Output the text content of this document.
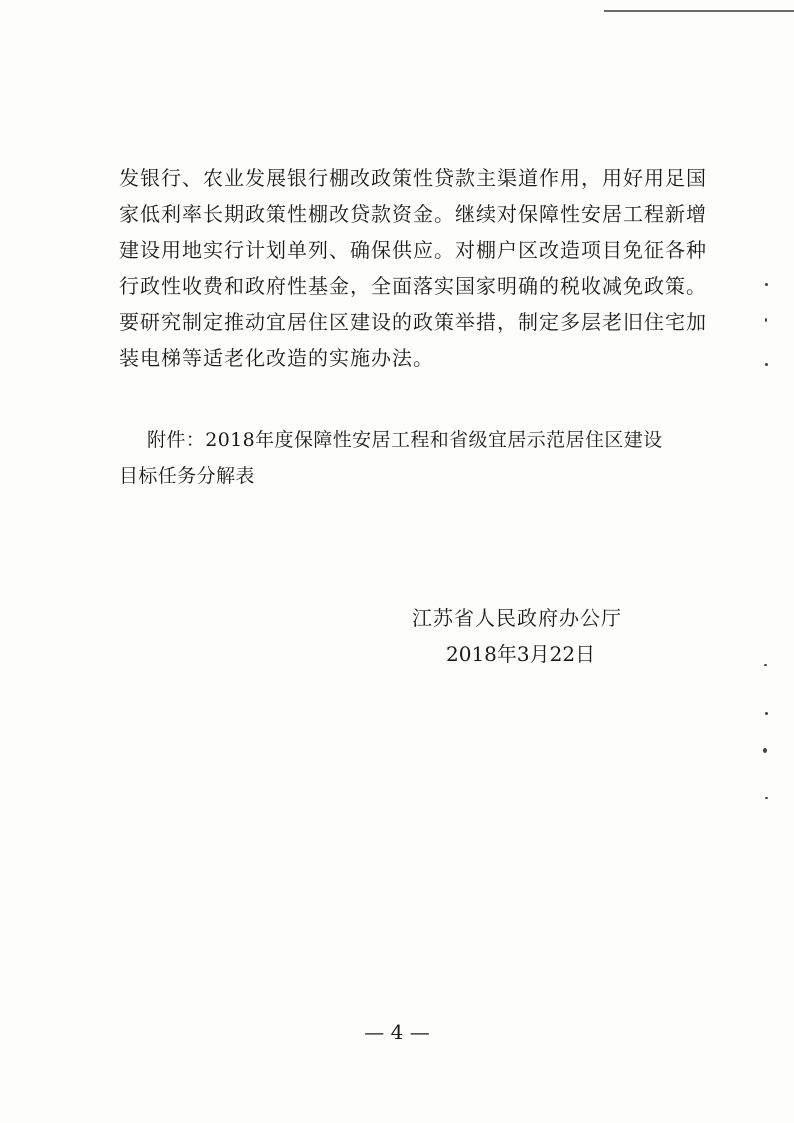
发银行、农业发展银行棚改政策性贷款主渠道作用，用好用足国
家低利率长期政策性棚改贷款资金。继续对保障性安居工程新增
建设用地实行计划单列、确保供应。对棚户区改造项目免征各种
行政性收费和政府性基金，全面落实国家明确的税收减免政策。
要研究制定推动宜居住区建设的政策举措，制定多层老旧住宅加
装电梯等适老化改造的实施办法。
附件：2018年度保障性安居工程和省级宜居示范居住区建设
目标任务分解表
江苏省人民政府办公厅
2018年3月22日
— 4 —
